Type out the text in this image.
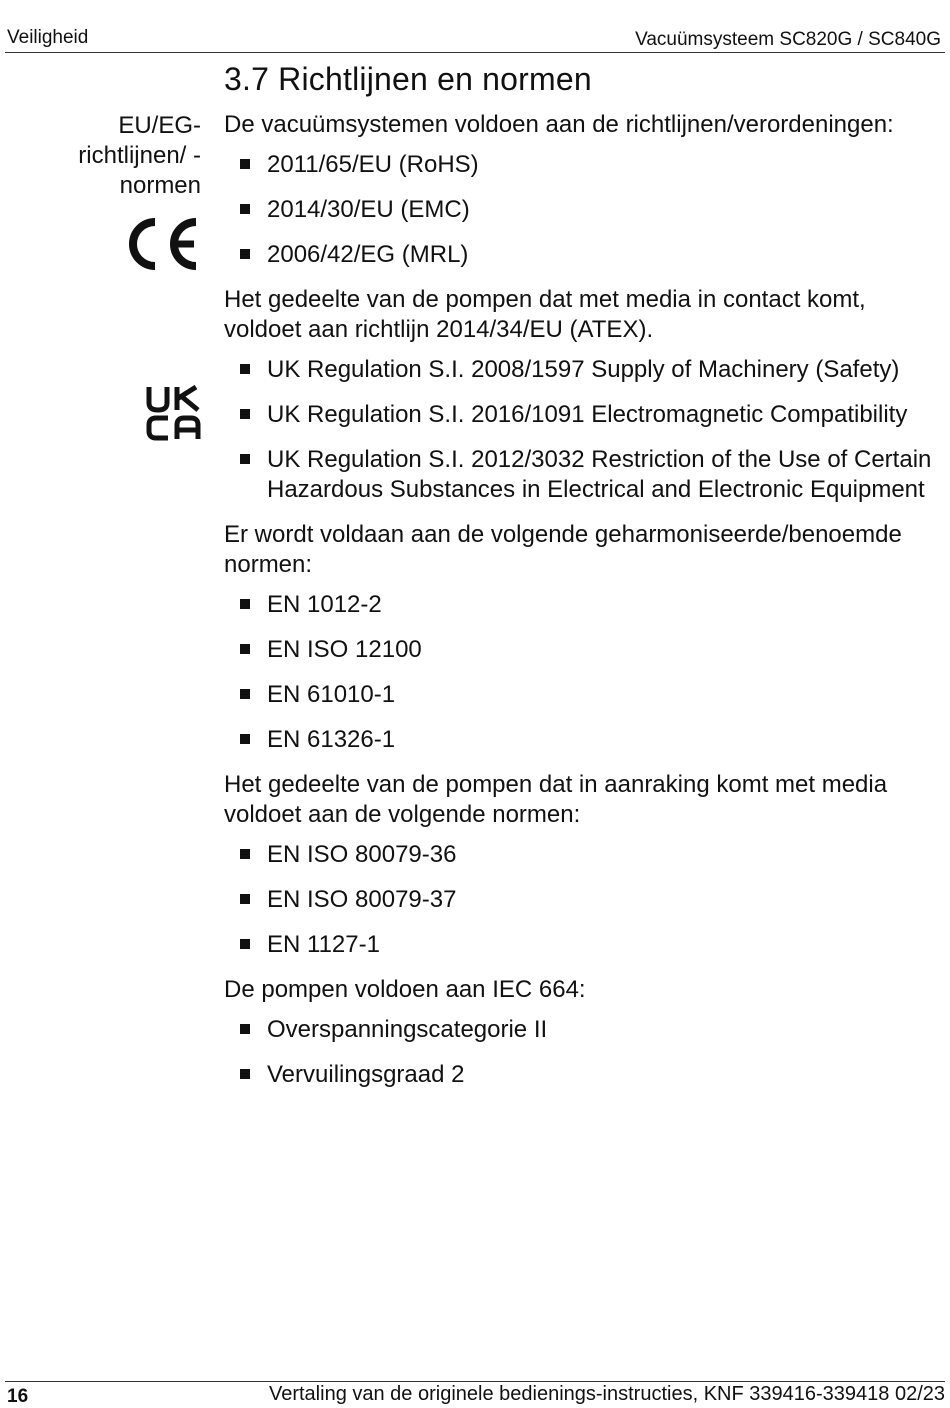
Veiligheid	Vacuümsysteem SC820G / SC840G
3.7 Richtlijnen en normen
EU/EG-richtlijnen/ -normen

De vacuümsystemen voldoen aan de richtlijnen/verordeningen:

2011/65/EU (RoHS)
2014/30/EU (EMC)
2006/42/EG (MRL)

Het gedeelte van de pompen dat met media in contact komt, voldoet aan richtlijn 2014/34/EU (ATEX).

UK Regulation S.I. 2008/1597 Supply of Machinery (Safety)
UK Regulation S.I. 2016/1091 Electromagnetic Compatibility
UK Regulation S.I. 2012/3032 Restriction of the Use of Certain Hazardous Substances in Electrical and Electronic Equipment

Er wordt voldaan aan de volgende geharmoniseerde/benoemde normen:

EN 1012-2
EN ISO 12100
EN 61010-1
EN 61326-1

Het gedeelte van de pompen dat in aanraking komt met media voldoet aan de volgende normen:

EN ISO 80079-36
EN ISO 80079-37
EN 1127-1

De pompen voldoen aan IEC 664:

Overspanningscategorie II
Vervuilingsgraad 2
16	Vertaling van de originele bedienings-instructies, KNF 339416-339418 02/23
